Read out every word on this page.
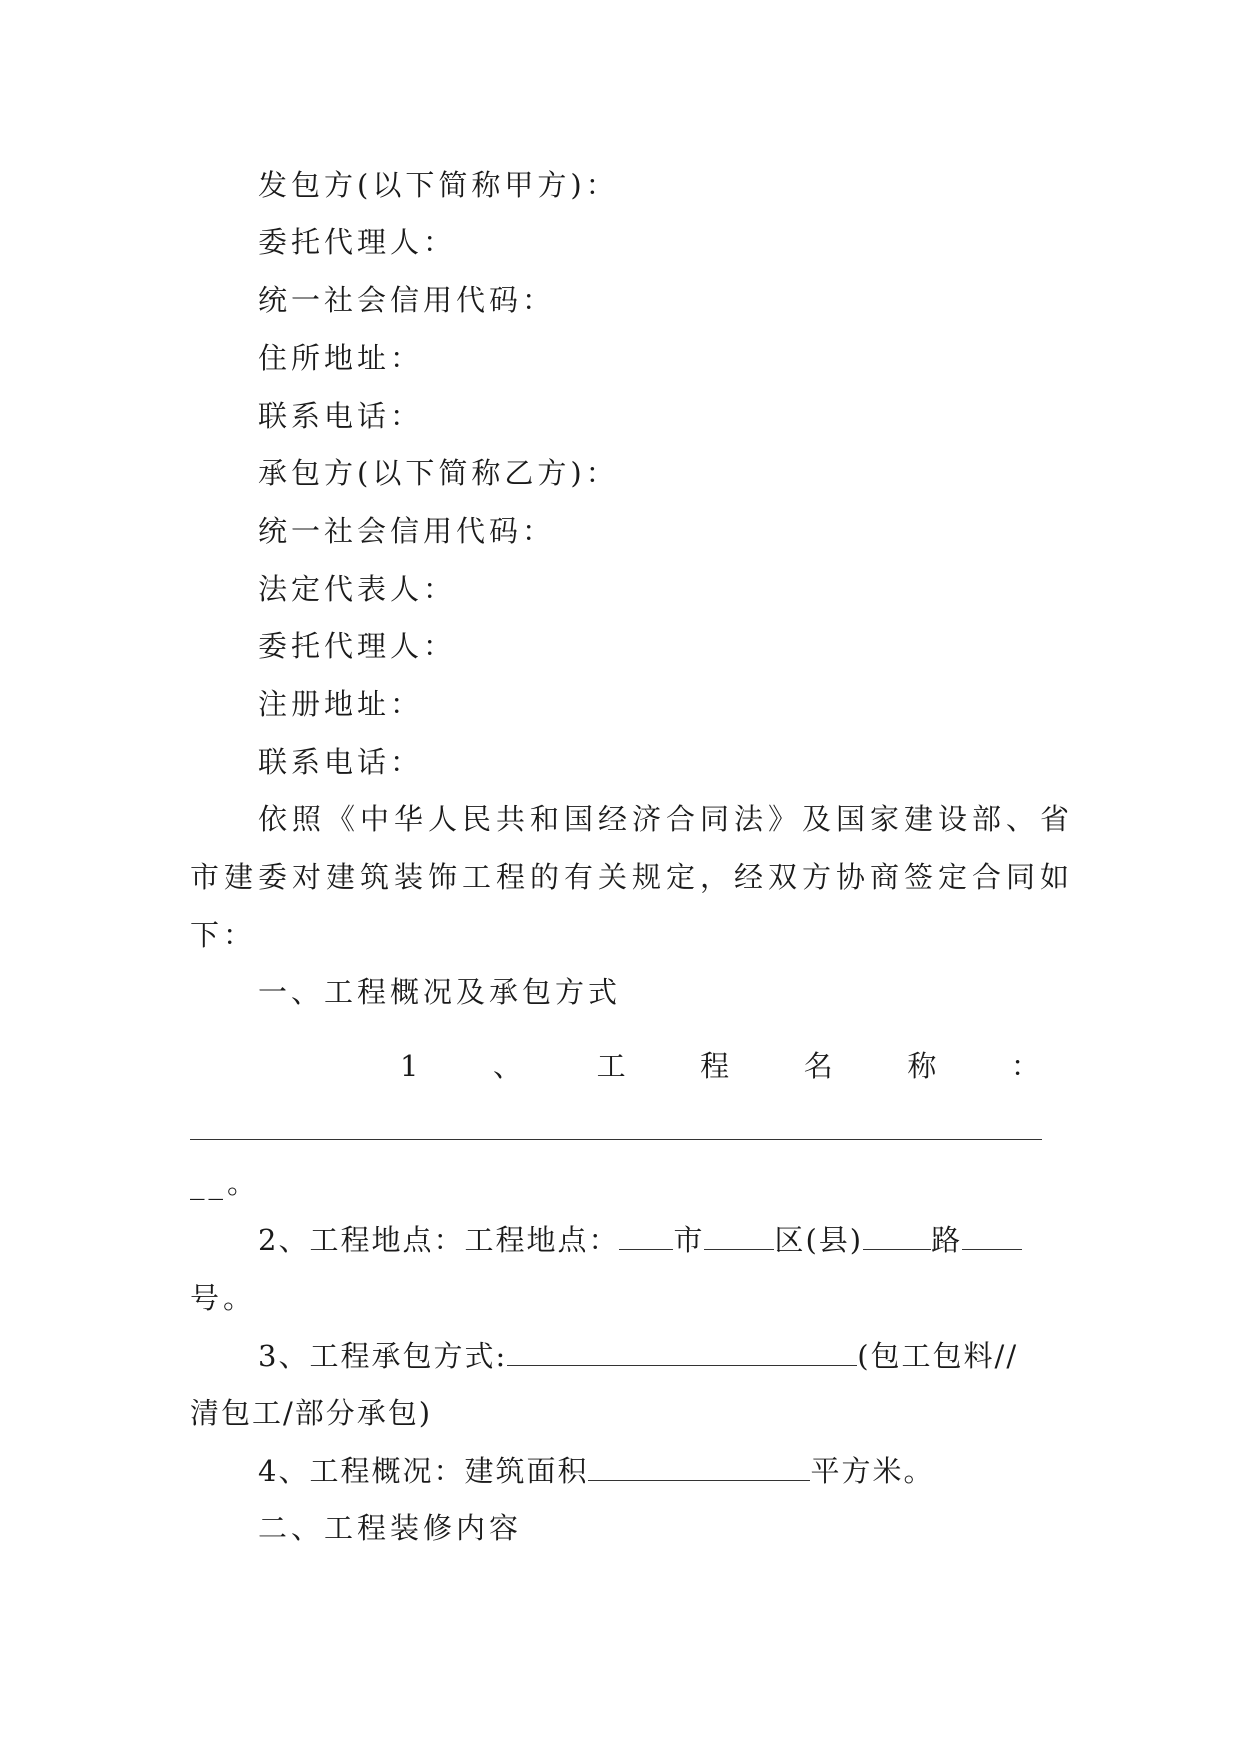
发包方(以下简称甲方)：
委托代理人：
统一社会信用代码：
住所地址：
联系电话：
承包方(以下简称乙方)：
统一社会信用代码：
法定代表人：
委托代理人：
注册地址：
联系电话：
依照《中华人民共和国经济合同法》及国家建设部、省
市建委对建筑装饰工程的有关规定，经双方协商签定合同如
下：
一、工程概况及承包方式
1	、	工	程	名	称	：
__。
2、工程地点：工程地点： 市 区(县) 路
号。
3、工程承包方式:	(包工包料//
清包工/部分承包)
4、工程概况：建筑面积	平方米。
二、工程装修内容
